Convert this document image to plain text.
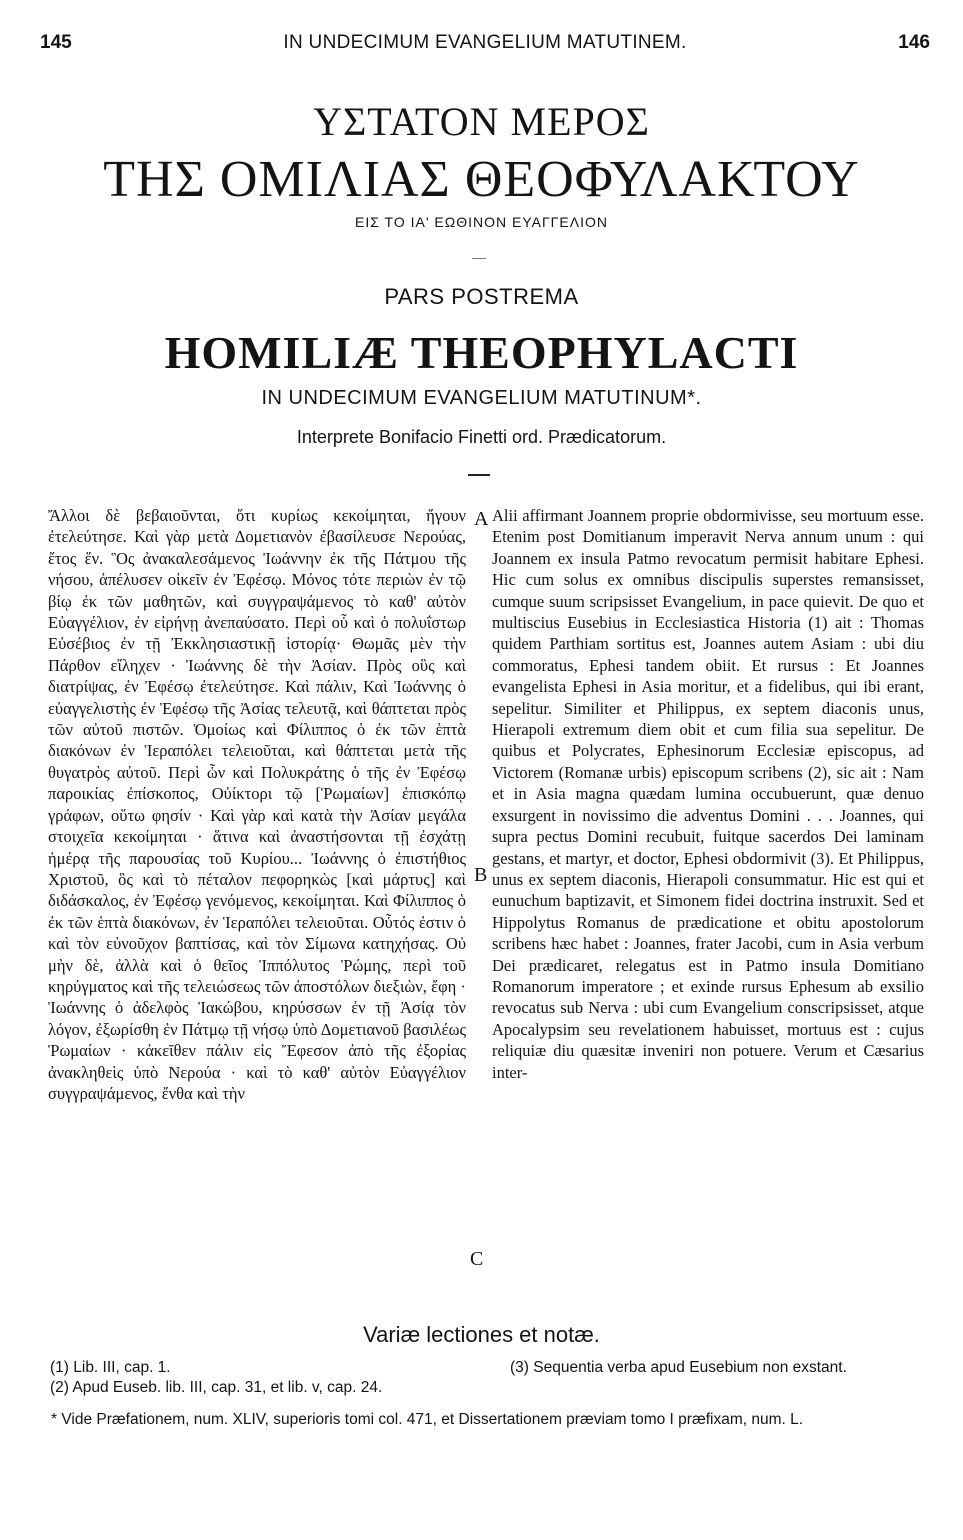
145	IN UNDECIMUM EVANGELIUM MATUTINEM.	146
ΥΣΤΑΤΟΝ ΜΕΡΟΣ
ΤΗΣ ΟΜΙΛΙΑΣ ΘΕΟΦΥΛΑΚΤΟΥ
ΕΙΣ ΤΟ ΙΑ' ΕΩΘΙΝΟΝ ΕΥΑΓΓΕΛΙΟΝ
PARS POSTREMA
HOMILIÆ THEOPHYLACTI
IN UNDECIMUM EVANGELIUM MATUTINUM*.
Interprete Bonifacio Finetti ord. Prædicatorum.

Ἄλλοι δὲ βεβαιοῦνται, ὅτι κυρίως κεκοίμηται, ἤγουν ἐτελεύτησε. Καὶ γὰρ μετὰ Δομετιανὸν ἐβασίλευσε Νερούας, ἔτος ἕν. Ὃς ἀνακαλεσάμενος Ἰωάννην ἐκ τῆς Πάτμου τῆς νήσου, ἀπέλυσεν οἰκεῖν ἐν Ἐφέσῳ. Μόνος τότε περιὼν ἐν τῷ βίῳ ἐκ τῶν μαθητῶν, καὶ συγγραψάμενος τὸ καθ' αὐτὸν Εὐαγγέλιον, ἐν εἰρήνῃ ἀνεπαύσατο. Περὶ οὗ καὶ ὁ πολυΐστωρ Εὐσέβιος ἐν τῇ Ἐκκλησιαστικῇ ἱστορίᾳ· Θωμᾶς μὲν τὴν Πάρθον εἴληχεν · Ἰωάννης δὲ τὴν Ἀσίαν. Πρὸς οὓς καὶ διατρίψας, ἐν Ἐφέσῳ ἐτελεύτησε. Καὶ πάλιν, Καὶ Ἰωάννης ὁ εὐαγγελιστὴς ἐν Ἐφέσῳ τῆς Ἀσίας τελευτᾷ, καὶ θάπτεται πρὸς τῶν αὐτοῦ πιστῶν. Ὁμοίως καὶ Φίλιππος ὁ ἐκ τῶν ἑπτὰ διακόνων ἐν Ἱεραπόλει τελειοῦται, καὶ θάπτεται μετὰ τῆς θυγατρὸς αὐτοῦ. Περὶ ὧν καὶ Πολυκράτης ὁ τῆς ἐν Ἐφέσῳ παροικίας ἐπίσκοπος, Οὐίκτορι τῷ [Ῥωμαίων] ἐπισκόπῳ γράφων, οὕτω φησίν · Καὶ γὰρ καὶ κατὰ τὴν Ἀσίαν μεγάλα στοιχεῖα κεκοίμηται · ἅτινα καὶ ἀναστήσονται τῇ ἐσχάτῃ ἡμέρᾳ τῆς παρουσίας τοῦ Κυρίου... Ἰωάννης ὁ ἐπιστήθιος Χριστοῦ, ὃς καὶ τὸ πέταλον πεφορηκὼς [καὶ μάρτυς] καὶ διδάσκαλος, ἐν Ἐφέσῳ γενόμενος, κεκοίμηται. Καὶ Φίλιππος ὁ ἐκ τῶν ἑπτὰ διακόνων, ἐν Ἱεραπόλει τελειοῦται. Οὗτός ἐστιν ὁ καὶ τὸν εὐνοῦχον βαπτίσας, καὶ τὸν Σίμωνα κατηχήσας. Οὐ μὴν δὲ, ἀλλὰ καὶ ὁ θεῖος Ἱππόλυτος Ῥώμης, περὶ τοῦ κηρύγματος καὶ τῆς τελειώσεως τῶν ἀποστόλων διεξιὼν, ἔφη · Ἰωάννης ὁ ἀδελφὸς Ἰακώβου, κηρύσσων ἐν τῇ Ἀσίᾳ τὸν λόγον, ἐξωρίσθη ἐν Πάτμῳ τῇ νήσῳ ὑπὸ Δομετιανοῦ βασιλέως Ῥωμαίων · κἀκεῖθεν πάλιν εἰς Ἔφεσον ἀπὸ τῆς ἐξορίας ἀνακληθεὶς ὑπὸ Νερούα · καὶ τὸ καθ' αὐτὸν Εὐαγγέλιον συγγραψάμενος, ἔνθα καὶ τὴν

A
B
C

Alii affirmant Joannem proprie obdormivisse, seu mortuum esse. Etenim post Domitianum imperavit Nerva annum unum : qui Joannem ex insula Patmo revocatum permisit habitare Ephesi. Hic cum solus ex omnibus discipulis superstes remansisset, cumque suum scripsisset Evangelium, in pace quievit. De quo et multiscius Eusebius in Ecclesiastica Historia (1) ait : Thomas quidem Parthiam sortitus est, Joannes autem Asiam : ubi diu commoratus, Ephesi tandem obiit. Et rursus : Et Joannes evangelista Ephesi in Asia moritur, et a fidelibus, qui ibi erant, sepelitur. Similiter et Philippus, ex septem diaconis unus, Hierapoli extremum diem obit et cum filia sua sepelitur. De quibus et Polycrates, Ephesinorum Ecclesiæ episcopus, ad Victorem (Romanæ urbis) episcopum scribens (2), sic ait : Nam et in Asia magna quædam lumina occubuerunt, quæ denuo exsurgent in novissimo die adventus Domini . . . Joannes, qui supra pectus Domini recubuit, fuitque sacerdos Dei laminam gestans, et martyr, et doctor, Ephesi obdormivit (3). Et Philippus, unus ex septem diaconis, Hierapoli consummatur. Hic est qui et eunuchum baptizavit, et Simonem fidei doctrina instruxit. Sed et Hippolytus Romanus de prædicatione et obitu apostolorum scribens hæc habet : Joannes, frater Jacobi, cum in Asia verbum Dei prædicaret, relegatus est in Patmo insula Domitiano Romanorum imperatore ; et exinde rursus Ephesum ab exsilio revocatus sub Nerva : ubi cum Evangelium conscripsisset, atque Apocalypsim seu revelationem habuisset, mortuus est : cujus reliquiæ diu quæsitæ inveniri non potuere. Verum et Cæsarius inter-

Variæ lectiones et notæ.
(1) Lib. III, cap. 1.
(2) Apud Euseb. lib. III, cap. 31, et lib. v, cap. 24.
(3) Sequentia verba apud Eusebium non exstant.
* Vide Præfationem, num. XLIV, superioris tomi col. 471, et Dissertationem præviam tomo I præfixam, num. L.
